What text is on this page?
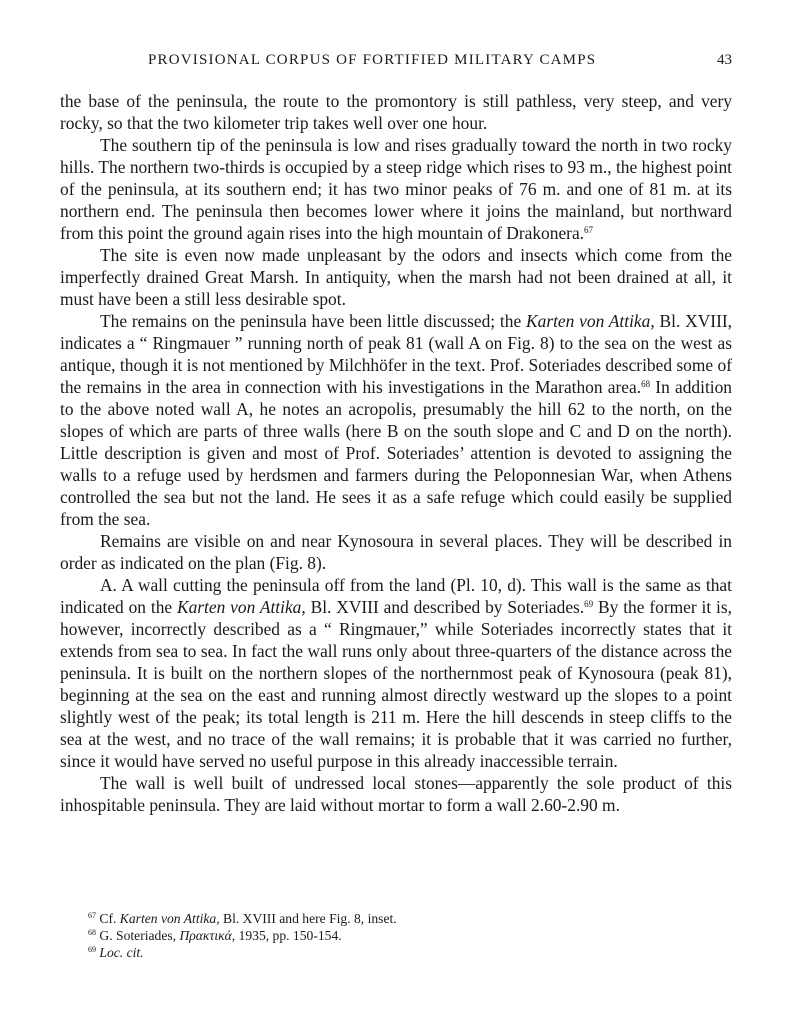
PROVISIONAL CORPUS OF FORTIFIED MILITARY CAMPS	43

the base of the peninsula, the route to the promontory is still pathless, very steep, and very rocky, so that the two kilometer trip takes well over one hour.

The southern tip of the peninsula is low and rises gradually toward the north in two rocky hills. The northern two-thirds is occupied by a steep ridge which rises to 93 m., the highest point of the peninsula, at its southern end; it has two minor peaks of 76 m. and one of 81 m. at its northern end. The peninsula then becomes lower where it joins the mainland, but northward from this point the ground again rises into the high mountain of Drakonera.$^{67}$

The site is even now made unpleasant by the odors and insects which come from the imperfectly drained Great Marsh. In antiquity, when the marsh had not been drained at all, it must have been a still less desirable spot.

The remains on the peninsula have been little discussed; the Karten von Attika, Bl. XVIII, indicates a “ Ringmauer ” running north of peak 81 (wall A on Fig. 8) to the sea on the west as antique, though it is not mentioned by Milchhöfer in the text. Prof. Soteriades described some of the remains in the area in connection with his investigations in the Marathon area.$^{68}$ In addition to the above noted wall A, he notes an acropolis, presumably the hill 62 to the north, on the slopes of which are parts of three walls (here B on the south slope and C and D on the north). Little description is given and most of Prof. Soteriades’ attention is devoted to assigning the walls to a refuge used by herdsmen and farmers during the Peloponnesian War, when Athens controlled the sea but not the land. He sees it as a safe refuge which could easily be supplied from the sea.

Remains are visible on and near Kynosoura in several places. They will be described in order as indicated on the plan (Fig. 8).

A. A wall cutting the peninsula off from the land (Pl. 10, d). This wall is the same as that indicated on the Karten von Attika, Bl. XVIII and described by Soteriades.$^{69}$ By the former it is, however, incorrectly described as a “ Ringmauer,” while Soteriades incorrectly states that it extends from sea to sea. In fact the wall runs only about three-quarters of the distance across the peninsula. It is built on the northern slopes of the northernmost peak of Kynosoura (peak 81), beginning at the sea on the east and running almost directly westward up the slopes to a point slightly west of the peak; its total length is 211 m. Here the hill descends in steep cliffs to the sea at the west, and no trace of the wall remains; it is probable that it was carried no further, since it would have served no useful purpose in this already inaccessible terrain.

The wall is well built of undressed local stones—apparently the sole product of this inhospitable peninsula. They are laid without mortar to form a wall 2.60-2.90 m.

$^{67}$ Cf. Karten von Attika, Bl. XVIII and here Fig. 8, inset.
$^{68}$ G. Soteriades, Πρακτικά, 1935, pp. 150-154.
$^{69}$ Loc. cit.
